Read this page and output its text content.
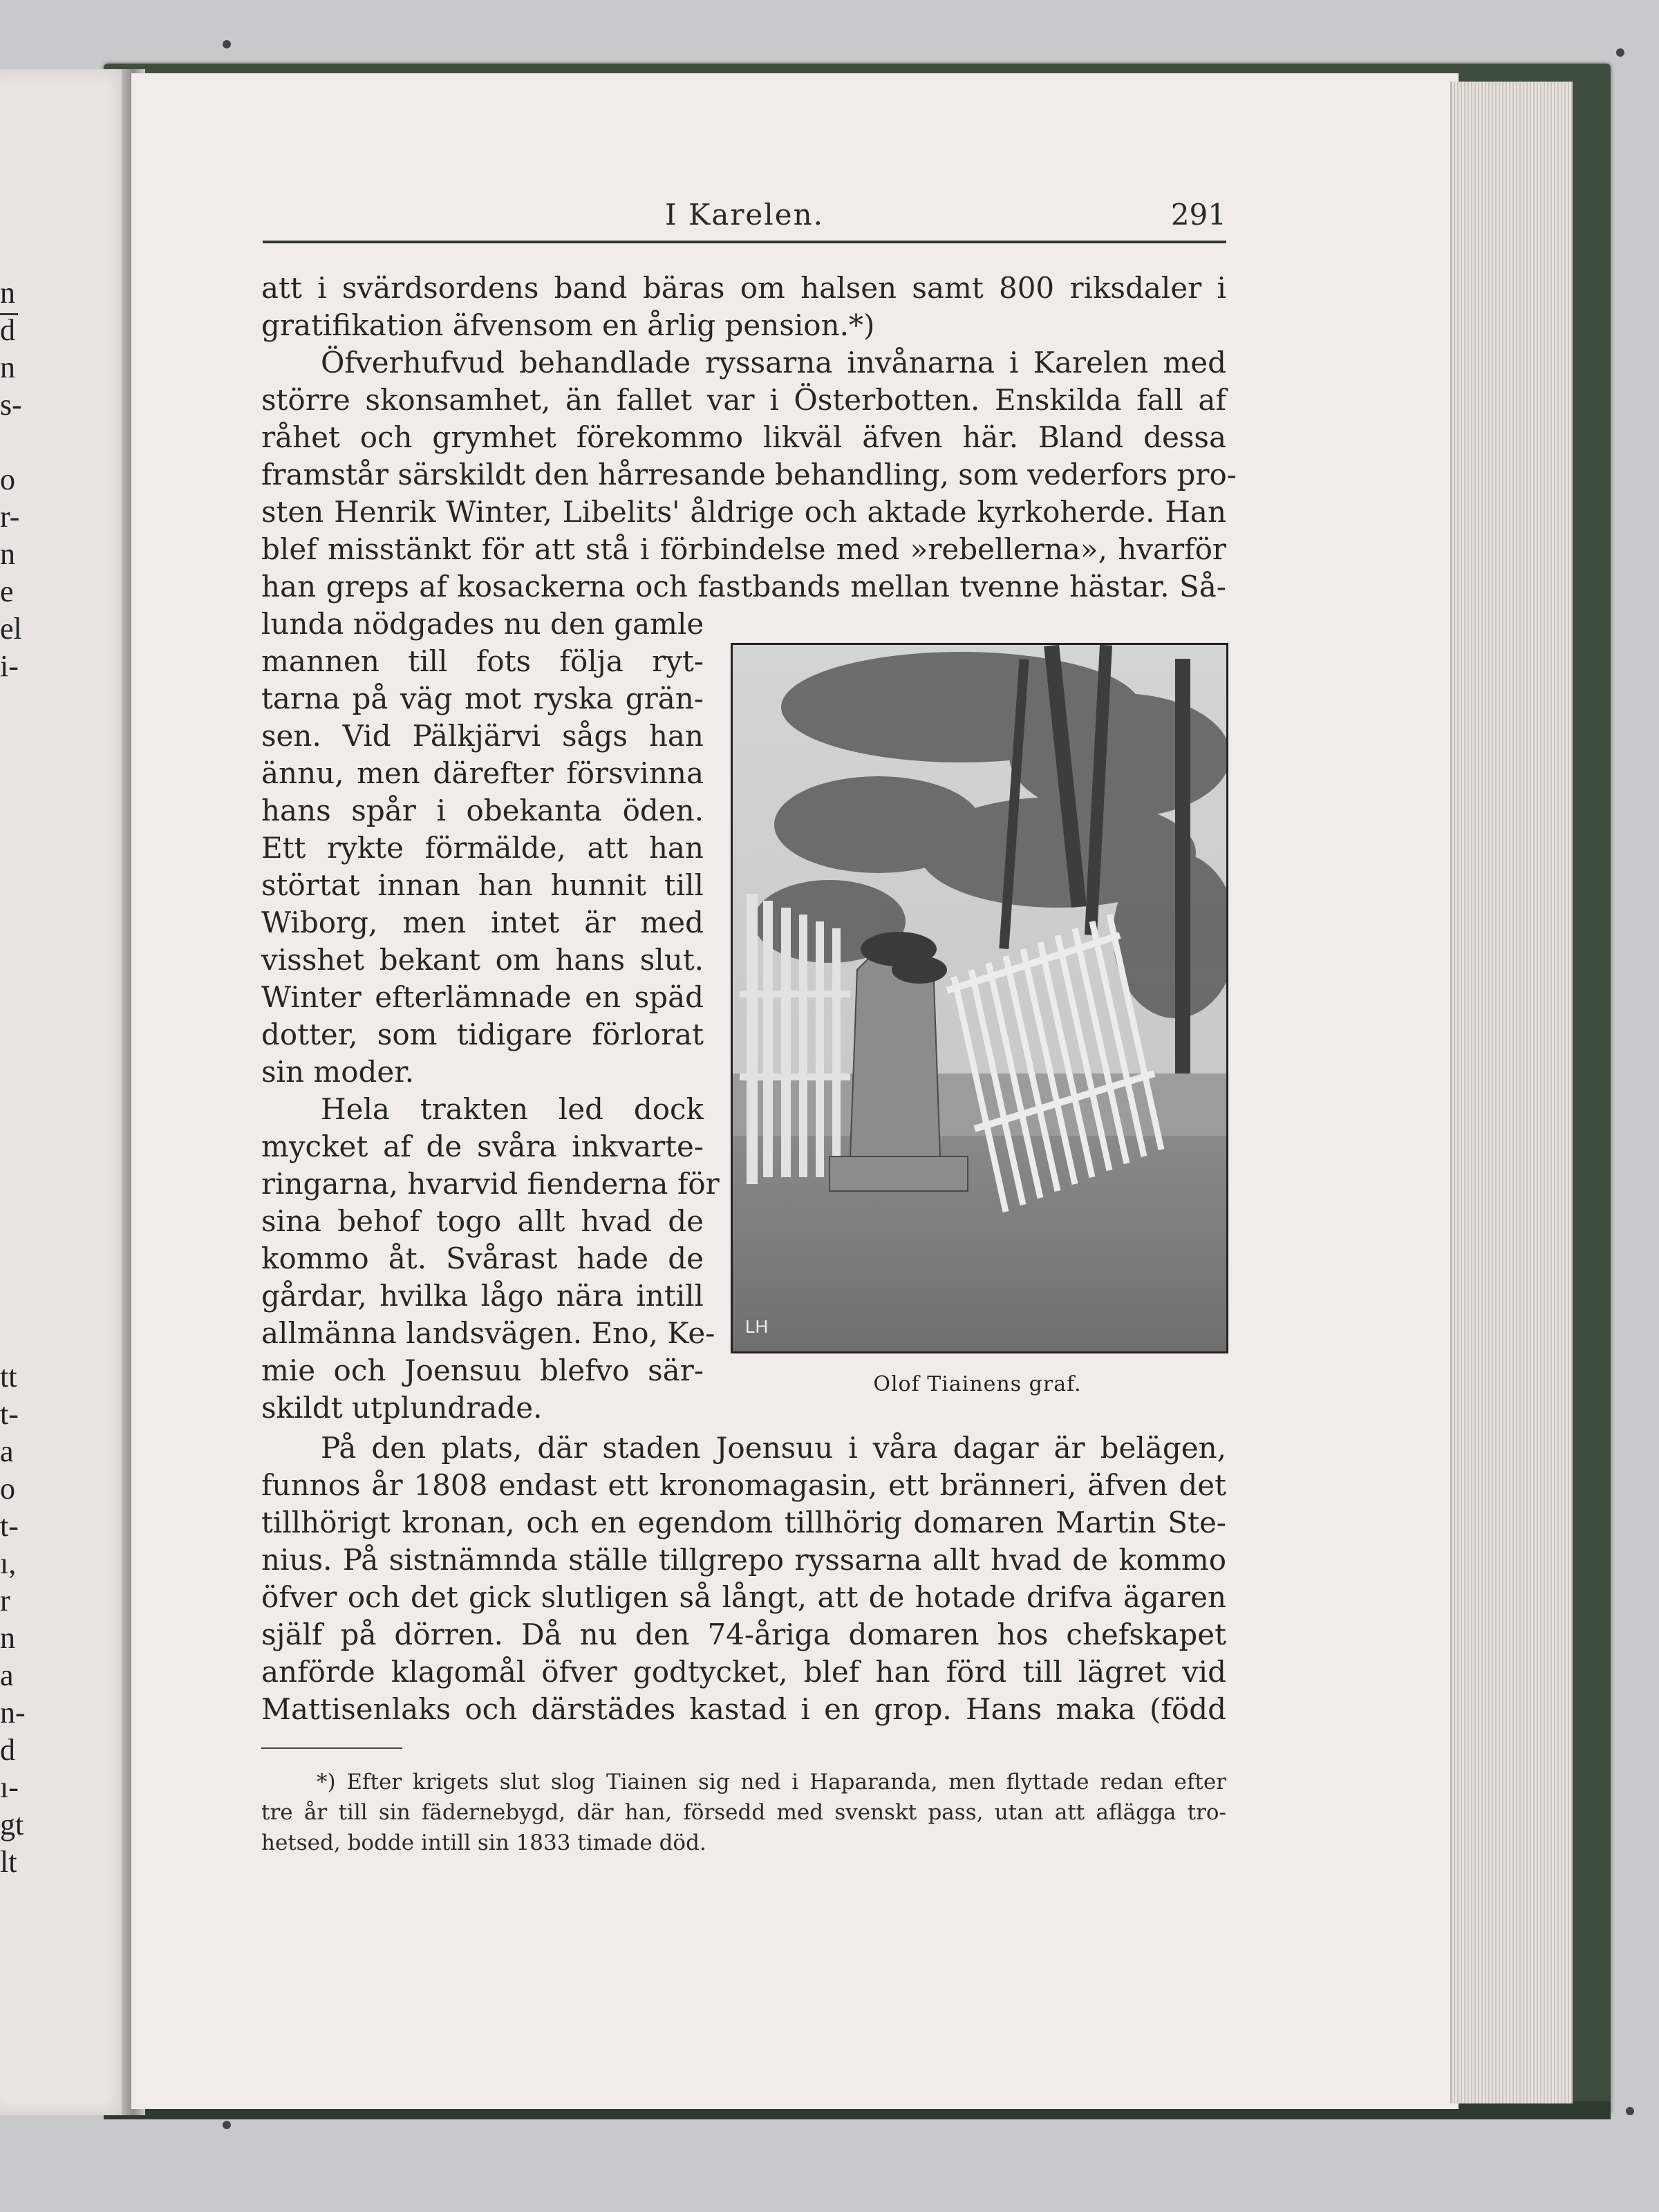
n
d
n
s-
o
r-
n
e
el
i-
tt
t-
a
o
t-
ı,
r
n
a
n-
d
ı-
gt
lt
I Karelen.	291
att i svärdsordens band bäras om halsen samt 800 riksdaler i
gratifikation äfvensom en årlig pension.*)
Öfverhufvud behandlade ryssarna invånarna i Karelen med
större skonsamhet, än fallet var i Österbotten. Enskilda fall af
råhet och grymhet förekommo likväl äfven här. Bland dessa
framstår särskildt den hårresande behandling, som vederfors pro-
sten Henrik Winter, Libelits' åldrige och aktade kyrkoherde. Han
blef misstänkt för att stå i förbindelse med »rebellerna», hvarför
han greps af kosackerna och fastbands mellan tvenne hästar. Så-
lunda nödgades nu den gamle
mannen till fots följa ryt-
tarna på väg mot ryska grän-
sen. Vid Pälkjärvi sågs han
ännu, men därefter försvinna
hans spår i obekanta öden.
Ett rykte förmälde, att han
störtat innan han hunnit till
Wiborg, men intet är med
visshet bekant om hans slut.
Winter efterlämnade en späd
dotter, som tidigare förlorat
sin moder.
Hela trakten led dock
mycket af de svåra inkvarte-
ringarna, hvarvid fienderna för
sina behof togo allt hvad de
kommo åt. Svårast hade de
gårdar, hvilka lågo nära intill
allmänna landsvägen. Eno, Ke-
mie och Joensuu blefvo sär-
skildt utplundrade.
LH
Olof Tiainens graf.
På den plats, där staden Joensuu i våra dagar är belägen,
funnos år 1808 endast ett kronomagasin, ett bränneri, äfven det
tillhörigt kronan, och en egendom tillhörig domaren Martin Ste-
nius. På sistnämnda ställe tillgrepo ryssarna allt hvad de kommo
öfver och det gick slutligen så långt, att de hotade drifva ägaren
själf på dörren. Då nu den 74-åriga domaren hos chefskapet
anförde klagomål öfver godtycket, blef han förd till lägret vid
Mattisenlaks och därstädes kastad i en grop. Hans maka (född
*) Efter krigets slut slog Tiainen sig ned i Haparanda, men flyttade redan efter
tre år till sin fädernebygd, där han, försedd med svenskt pass, utan att aflägga tro-
hetsed, bodde intill sin 1833 timade död.
